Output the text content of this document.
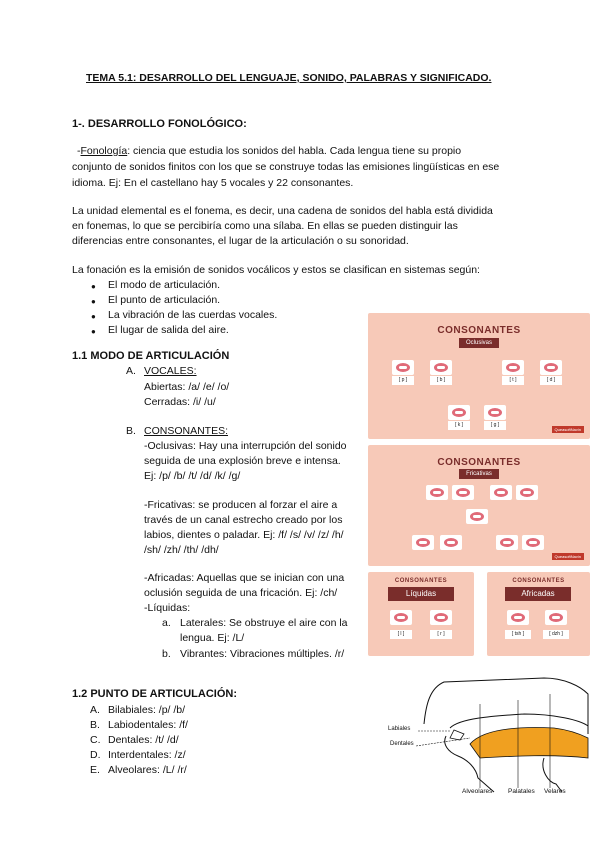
TEMA 5.1: DESARROLLO DEL LENGUAJE, SONIDO, PALABRAS Y SIGNIFICADO.
1-. DESARROLLO FONOLÓGICO:
-Fonología: ciencia que estudia los sonidos del habla. Cada lengua tiene su propio
conjunto de sonidos finitos con los que se construye todas las emisiones lingüísticas en ese
idioma. Ej: En el castellano hay 5 vocales y 22 consonantes.
La unidad elemental es el fonema, es decir, una cadena de sonidos del habla está dividida
en fonemas, lo que se percibiría como una sílaba. En ellas se pueden distinguir las
diferencias entre consonantes, el lugar de la articulación o su sonoridad.
La fonación es la emisión de sonidos vocálicos y estos se clasifican en sistemas según:
● El modo de articulación.
● El punto de articulación.
● La vibración de las cuerdas vocales.
● El lugar de salida del aire.
1.1 MODO DE ARTICULACIÓN
A. VOCALES:
Abiertas: /a/ /e/ /o/
Cerradas: /i/ /u/
B. CONSONANTES:
-Oclusivas: Hay una interrupción del sonido
seguida de una explosión breve e intensa.
Ej: /p/ /b/ /t/ /d/ /k/ /g/
-Fricativas: se producen al forzar el aire a
través de un canal estrecho creado por los
labios, dientes o paladar. Ej: /f/ /s/ /v/ /z/ /h/
/sh/ /zh/ /th/ /dh/
-Africadas: Aquellas que se inician con una
oclusión seguida de una fricación. Ej: /ch/
-Líquidas:
a. Laterales: Se obstruye el aire con la
lengua. Ej: /L/
b. Vibrantes: Vibraciones múltiples. /r/
1.2 PUNTO DE ARTICULACIÓN:
A. Bilabiales: /p/ /b/
B. Labiodentales: /f/
C. Dentales: /t/ /d/
D. Interdentales: /z/
E. Alveolares: /L/ /r/
CONSONANTES
Oclusivas
[ p ]	[ b ]	[ t ]	[ d ]
[ k ]	[ g ]
QueasoftNavin
CONSONANTES
Fricativas
QueasoftNavin
CONSONANTES
Líquidas
[ l ]	[ r ]
CONSONANTES
Africadas
[ tsh ]	[ dzh ]
Labiales
Dentales
Alveolares Palatales Velares
